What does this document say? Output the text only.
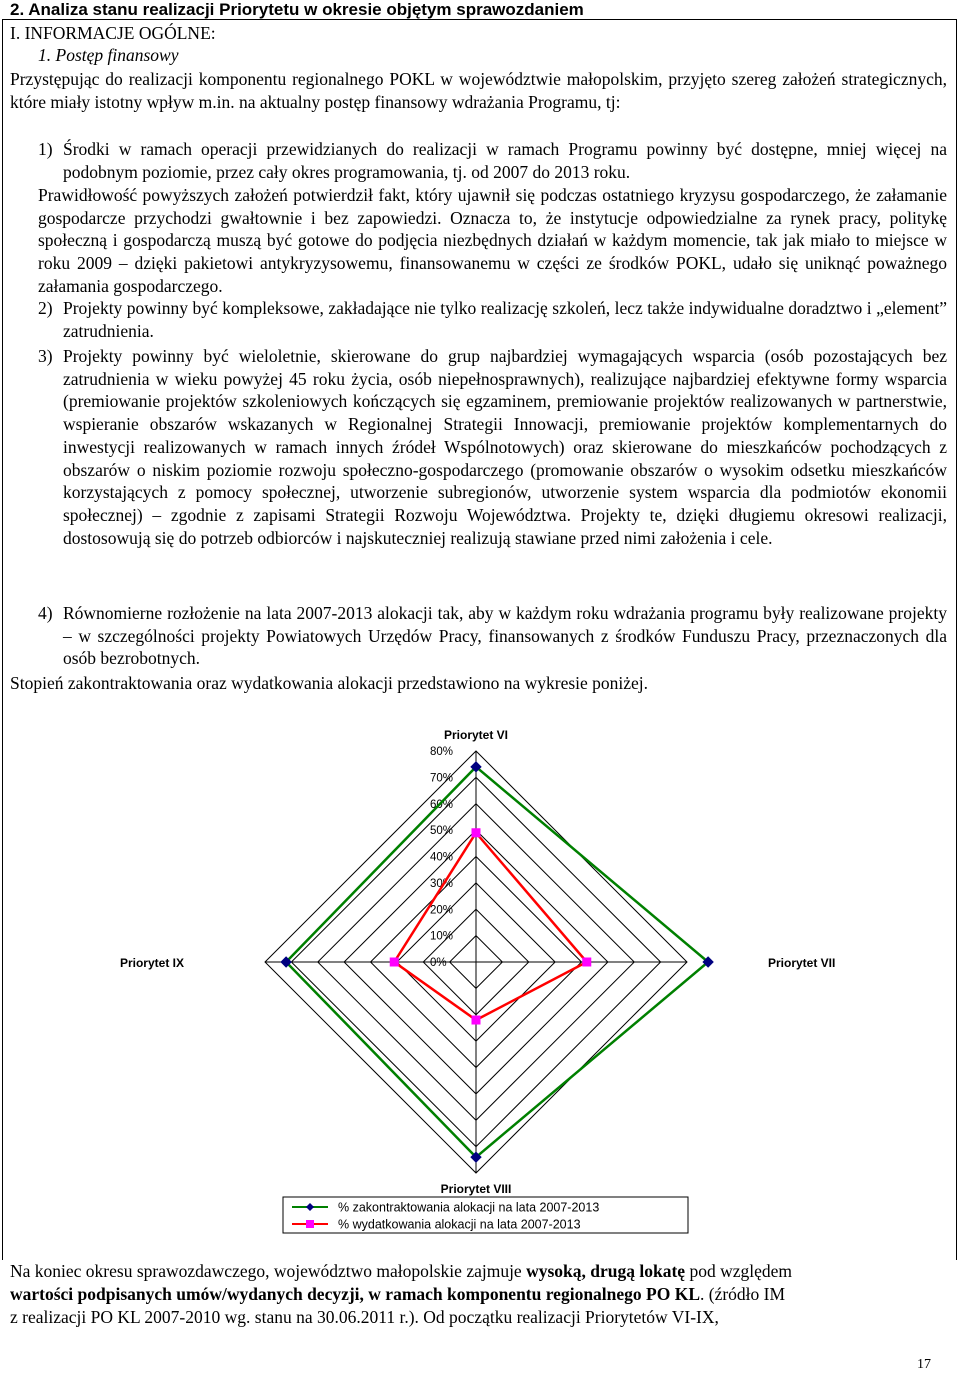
2. Analiza stanu realizacji Priorytetu w okresie objętym sprawozdaniem
I. INFORMACJE OGÓLNE:
1. Postęp finansowy
Przystępując do realizacji komponentu regionalnego POKL w województwie małopolskim, przyjęto szereg założeń strategicznych, które miały istotny wpływ m.in. na aktualny postęp finansowy wdrażania Programu, tj:
1) Środki w ramach operacji przewidzianych do realizacji w ramach Programu powinny być dostępne, mniej więcej na podobnym poziomie, przez cały okres programowania, tj. od 2007 do 2013 roku.
Prawidłowość powyższych założeń potwierdził fakt, który ujawnił się podczas ostatniego kryzysu gospodarczego, że załamanie gospodarcze przychodzi gwałtownie i bez zapowiedzi. Oznacza to, że instytucje odpowiedzialne za rynek pracy, politykę społeczną i gospodarczą muszą być gotowe do podjęcia niezbędnych działań w każdym momencie, tak jak miało to miejsce w roku 2009 – dzięki pakietowi antykryzysowemu, finansowanemu w części ze środków POKL, udało się uniknąć poważnego załamania gospodarczego.
2) Projekty powinny być kompleksowe, zakładające nie tylko realizację szkoleń, lecz także indywidualne doradztwo i „element” zatrudnienia.
3) Projekty powinny być wieloletnie, skierowane do grup najbardziej wymagających wsparcia (osób pozostających bez zatrudnienia w wieku powyżej 45 roku życia, osób niepełnosprawnych), realizujące najbardziej efektywne formy wsparcia (premiowanie projektów szkoleniowych kończących się egzaminem, premiowanie projektów realizowanych w partnerstwie, wspieranie obszarów wskazanych w Regionalnej Strategii Innowacji, premiowanie projektów komplementarnych do inwestycji realizowanych w ramach innych źródeł Wspólnotowych) oraz skierowane do mieszkańców pochodzących z obszarów o niskim poziomie rozwoju społeczno-gospodarczego (promowanie obszarów o wysokim odsetku mieszkańców korzystających z pomocy społecznej, utworzenie subregionów, utworzenie system wsparcia dla podmiotów ekonomii społecznej) – zgodnie z zapisami Strategii Rozwoju Województwa. Projekty te, dzięki długiemu okresowi realizacji, dostosowują się do potrzeb odbiorców i najskuteczniej realizują stawiane przed nimi założenia i cele.
4) Równomierne rozłożenie na lata 2007-2013 alokacji tak, aby w każdym roku wdrażania programu były realizowane projekty – w szczególności projekty Powiatowych Urzędów Pracy, finansowanych z środków Funduszu Pracy, przeznaczonych dla osób bezrobotnych.
Stopień zakontraktowania oraz wydatkowania alokacji przedstawiono na wykresie poniżej.
0%
10%
20%
30%
40%
50%
60%
70%
80%
Priorytet VI
Priorytet VII
Priorytet VIII
Priorytet IX
% zakontraktowania alokacji na lata 2007-2013
% wydatkowania alokacji na lata 2007-2013
Na koniec okresu sprawozdawczego, województwo małopolskie zajmuje wysoką, drugą lokatę pod względem
wartości podpisanych umów/wydanych decyzji, w ramach komponentu regionalnego PO KL. (źródło IM
z realizacji PO KL 2007-2010 wg. stanu na 30.06.2011 r.). Od początku realizacji Priorytetów VI-IX,
17
